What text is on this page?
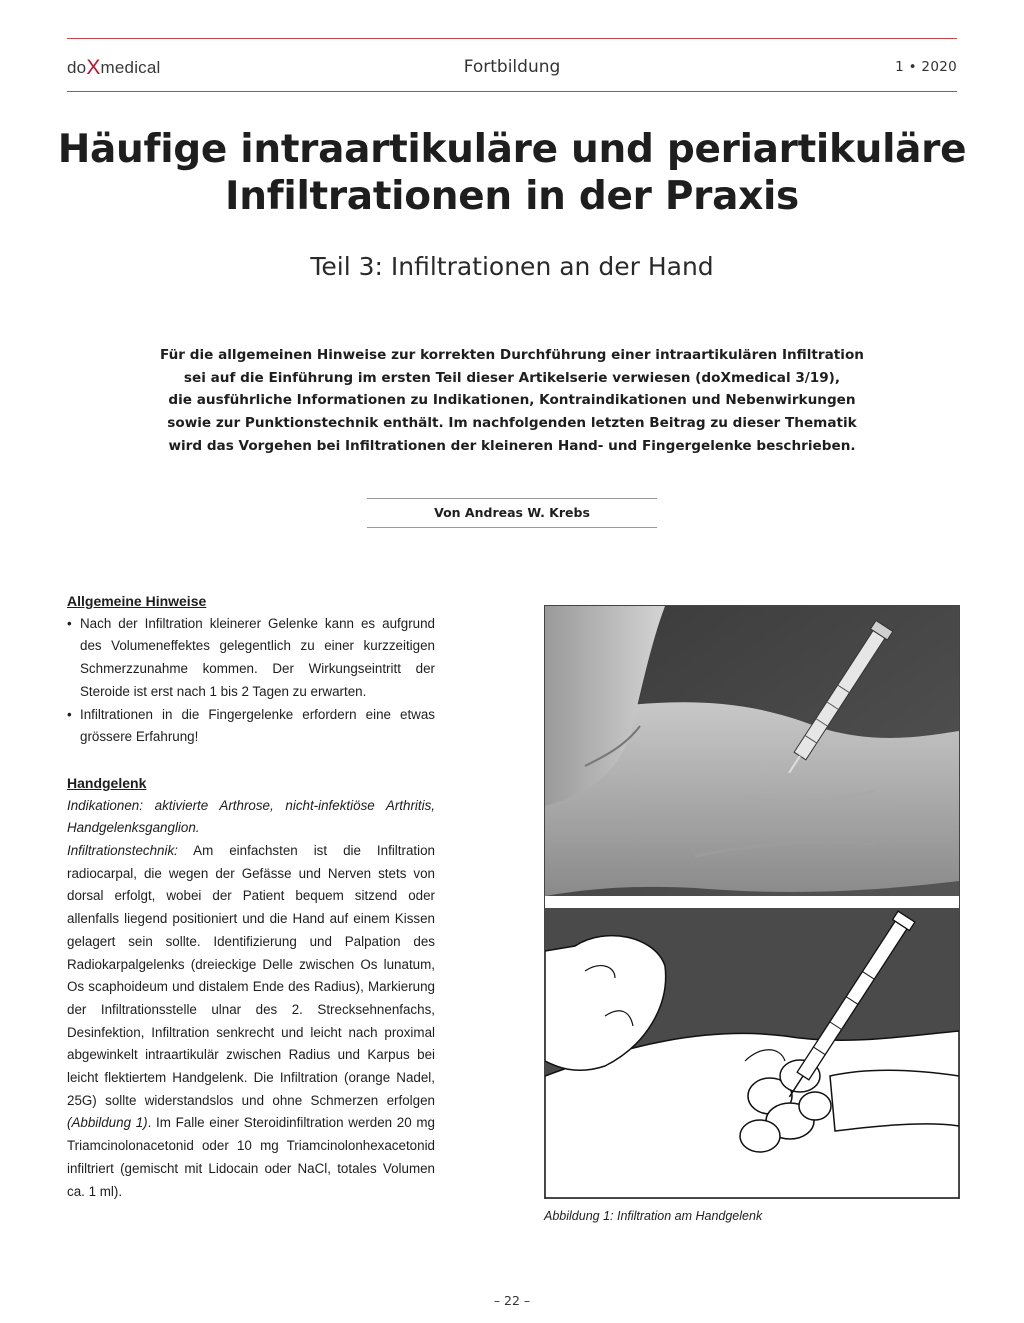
doXmedical	Fortbildung	1 • 2020
Häufige intraartikuläre und periartikuläre
Infiltrationen in der Praxis
Teil 3: Infiltrationen an der Hand
Für die allgemeinen Hinweise zur korrekten Durchführung einer intraartikulären Infiltration
sei auf die Einführung im ersten Teil dieser Artikelserie verwiesen (doXmedical 3/19),
die ausführliche Informationen zu Indikationen, Kontraindikationen und Nebenwirkungen
sowie zur Punktionstechnik enthält. Im nachfolgenden letzten Beitrag zu dieser Thematik
wird das Vorgehen bei Infiltrationen der kleineren Hand- und Fingergelenke beschrieben.
Von Andreas W. Krebs
Allgemeine Hinweise
• Nach der Infiltration kleinerer Gelenke kann es aufgrund des Volumeneffektes gelegentlich zu einer kurzzeitigen Schmerzzunahme kommen. Der Wirkungseintritt der Steroide ist erst nach 1 bis 2 Tagen zu erwarten.
• Infiltrationen in die Fingergelenke erfordern eine etwas grössere Erfahrung!
Handgelenk
Indikationen: aktivierte Arthrose, nicht-infektiöse Arthritis, Handgelenksganglion.
Infiltrationstechnik: Am einfachsten ist die Infiltration radiocarpal, die wegen der Gefässe und Nerven stets von dorsal erfolgt, wobei der Patient bequem sitzend oder allenfalls liegend positioniert und die Hand auf einem Kissen gelagert sein sollte. Identifizierung und Palpation des Radiokarpalgelenks (dreieckige Delle zwischen Os lunatum, Os scaphoideum und distalem Ende des Radius), Markierung der Infiltrationsstelle ulnar des 2. Strecksehnenfachs, Desinfektion, Infiltration senkrecht und leicht nach proximal abgewinkelt intraartikulär zwischen Radius und Karpus bei leicht flektiertem Handgelenk. Die Infiltration (orange Nadel, 25G) sollte widerstandslos und ohne Schmerzen erfolgen (Abbildung 1). Im Falle einer Steroidinfiltration werden 20 mg Triamcinolonacetonid oder 10 mg Triamcinolonhexacetonid infiltriert (gemischt mit Lidocain oder NaCl, totales Volumen ca. 1 ml).
Abbildung 1: Infiltration am Handgelenk
– 22 –
